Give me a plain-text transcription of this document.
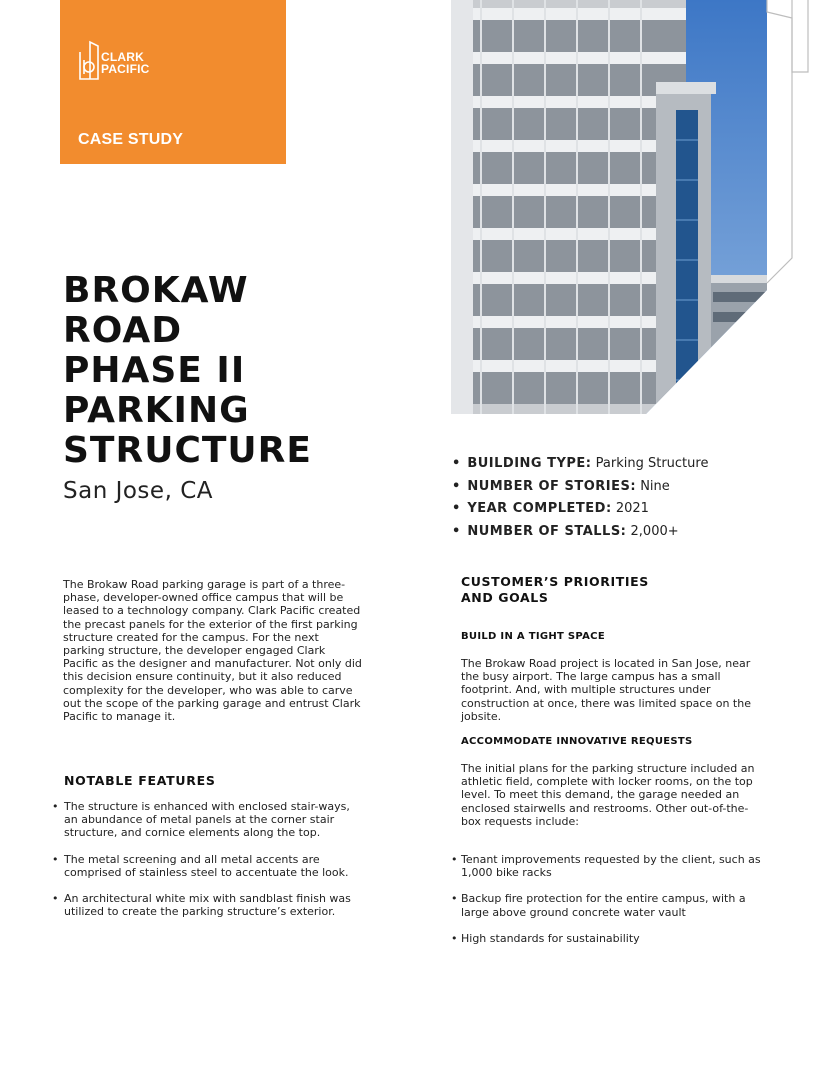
CLARK
PACIFIC
CASE STUDY
BROKAW
ROAD
PHASE II
PARKING
STRUCTURE
San Jose, CA
• BUILDING TYPE: Parking Structure
• NUMBER OF STORIES: Nine
• YEAR COMPLETED: 2021
• NUMBER OF STALLS: 2,000+

The Brokaw Road parking garage is part of a three-phase, developer-owned office campus that will be leased to a technology company. Clark Pacific created the precast panels for the exterior of the first parking structure created for the campus. For the next parking structure, the developer engaged Clark Pacific as the designer and manufacturer. Not only did this decision ensure continuity, but it also reduced complexity for the developer, who was able to carve out the scope of the parking garage and entrust Clark Pacific to manage it.

NOTABLE FEATURES
• The structure is enhanced with enclosed stair-ways, an abundance of metal panels at the corner stair structure, and cornice elements along the top.
• The metal screening and all metal accents are comprised of stainless steel to accentuate the look.
• An architectural white mix with sandblast finish was utilized to create the parking structure’s exterior.
CUSTOMER’S PRIORITIES
AND GOALS
BUILD IN A TIGHT SPACE

The Brokaw Road project is located in San Jose, near the busy airport. The large campus has a small footprint. And, with multiple structures under construction at once, there was limited space on the jobsite.

ACCOMMODATE INNOVATIVE REQUESTS

The initial plans for the parking structure included an athletic field, complete with locker rooms, on the top level. To meet this demand, the garage needed an enclosed stairwells and restrooms. Other out-of-the-box requests include:

• Tenant improvements requested by the client, such as 1,000 bike racks
• Backup fire protection for the entire campus, with a large above ground concrete water vault
• High standards for sustainability
